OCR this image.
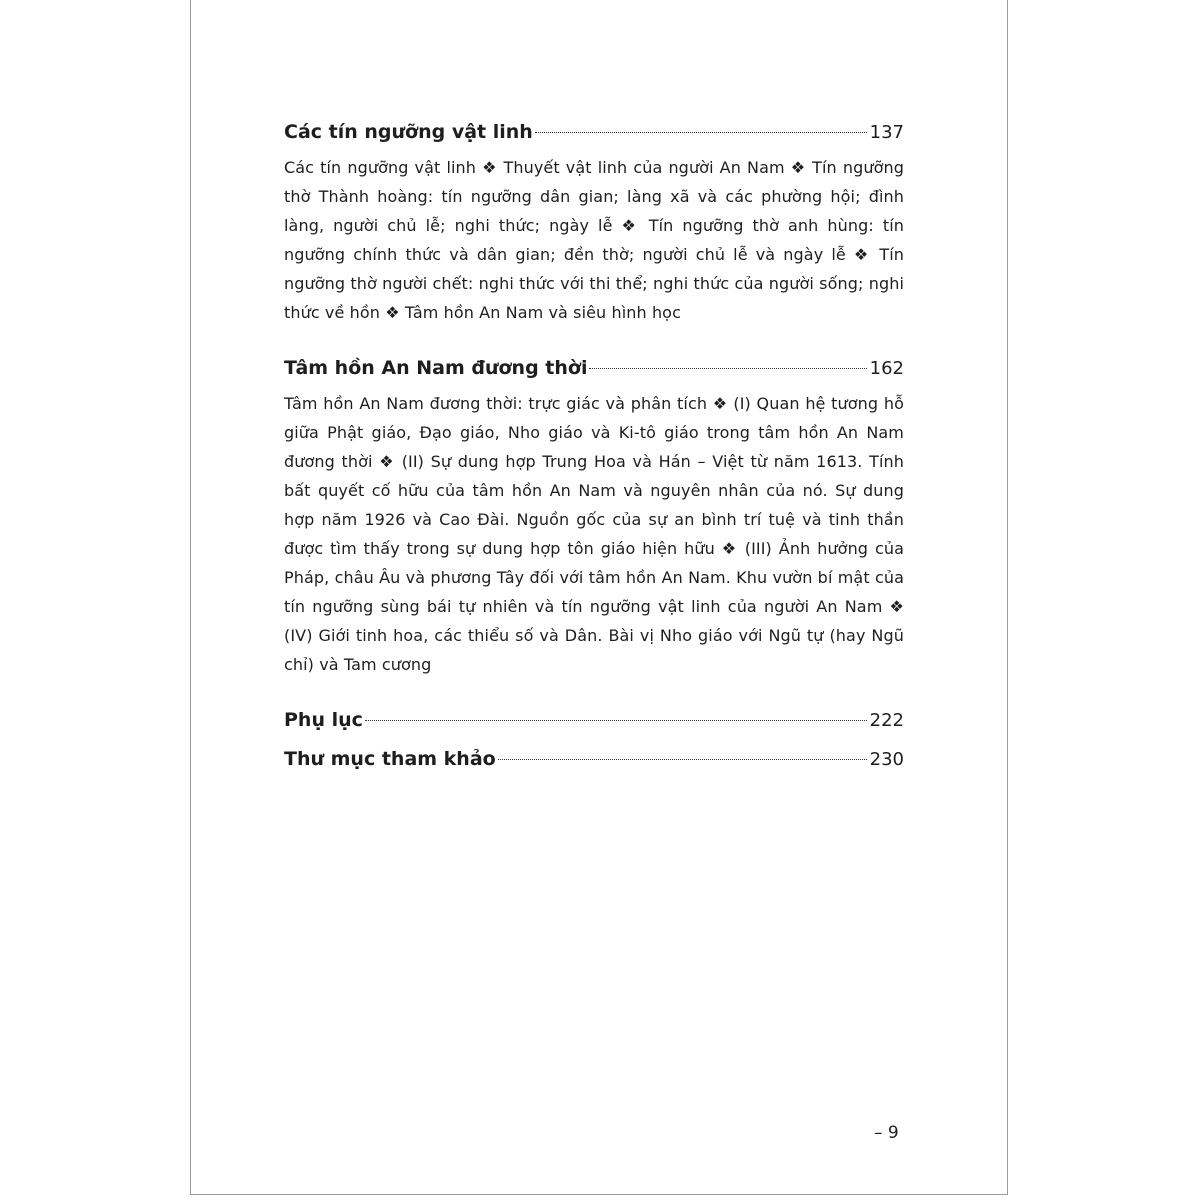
Các tín ngưỡng vật linh	137

Các tín ngưỡng vật linh ❖ Thuyết vật linh của người An Nam ❖ Tín ngưỡng thờ Thành hoàng: tín ngưỡng dân gian; làng xã và các phường hội; đình làng, người chủ lễ; nghi thức; ngày lễ ❖ Tín ngưỡng thờ anh hùng: tín ngưỡng chính thức và dân gian; đền thờ; người chủ lễ và ngày lễ ❖ Tín ngưỡng thờ người chết: nghi thức với thi thể; nghi thức của người sống; nghi thức về hồn ❖ Tâm hồn An Nam và siêu hình học

Tâm hồn An Nam đương thời	162

Tâm hồn An Nam đương thời: trực giác và phân tích ❖ (I) Quan hệ tương hỗ giữa Phật giáo, Đạo giáo, Nho giáo và Ki-tô giáo trong tâm hồn An Nam đương thời ❖ (II) Sự dung hợp Trung Hoa và Hán – Việt từ năm 1613. Tính bất quyết cố hữu của tâm hồn An Nam và nguyên nhân của nó. Sự dung hợp năm 1926 và Cao Đài. Nguồn gốc của sự an bình trí tuệ và tinh thần được tìm thấy trong sự dung hợp tôn giáo hiện hữu ❖ (III) Ảnh hưởng của Pháp, châu Âu và phương Tây đối với tâm hồn An Nam. Khu vườn bí mật của tín ngưỡng sùng bái tự nhiên và tín ngưỡng vật linh của người An Nam ❖ (IV) Giới tinh hoa, các thiểu số và Dân. Bài vị Nho giáo với Ngũ tự (hay Ngũ chỉ) và Tam cương

Phụ lục	222
Thư mục tham khảo	230
– 9
